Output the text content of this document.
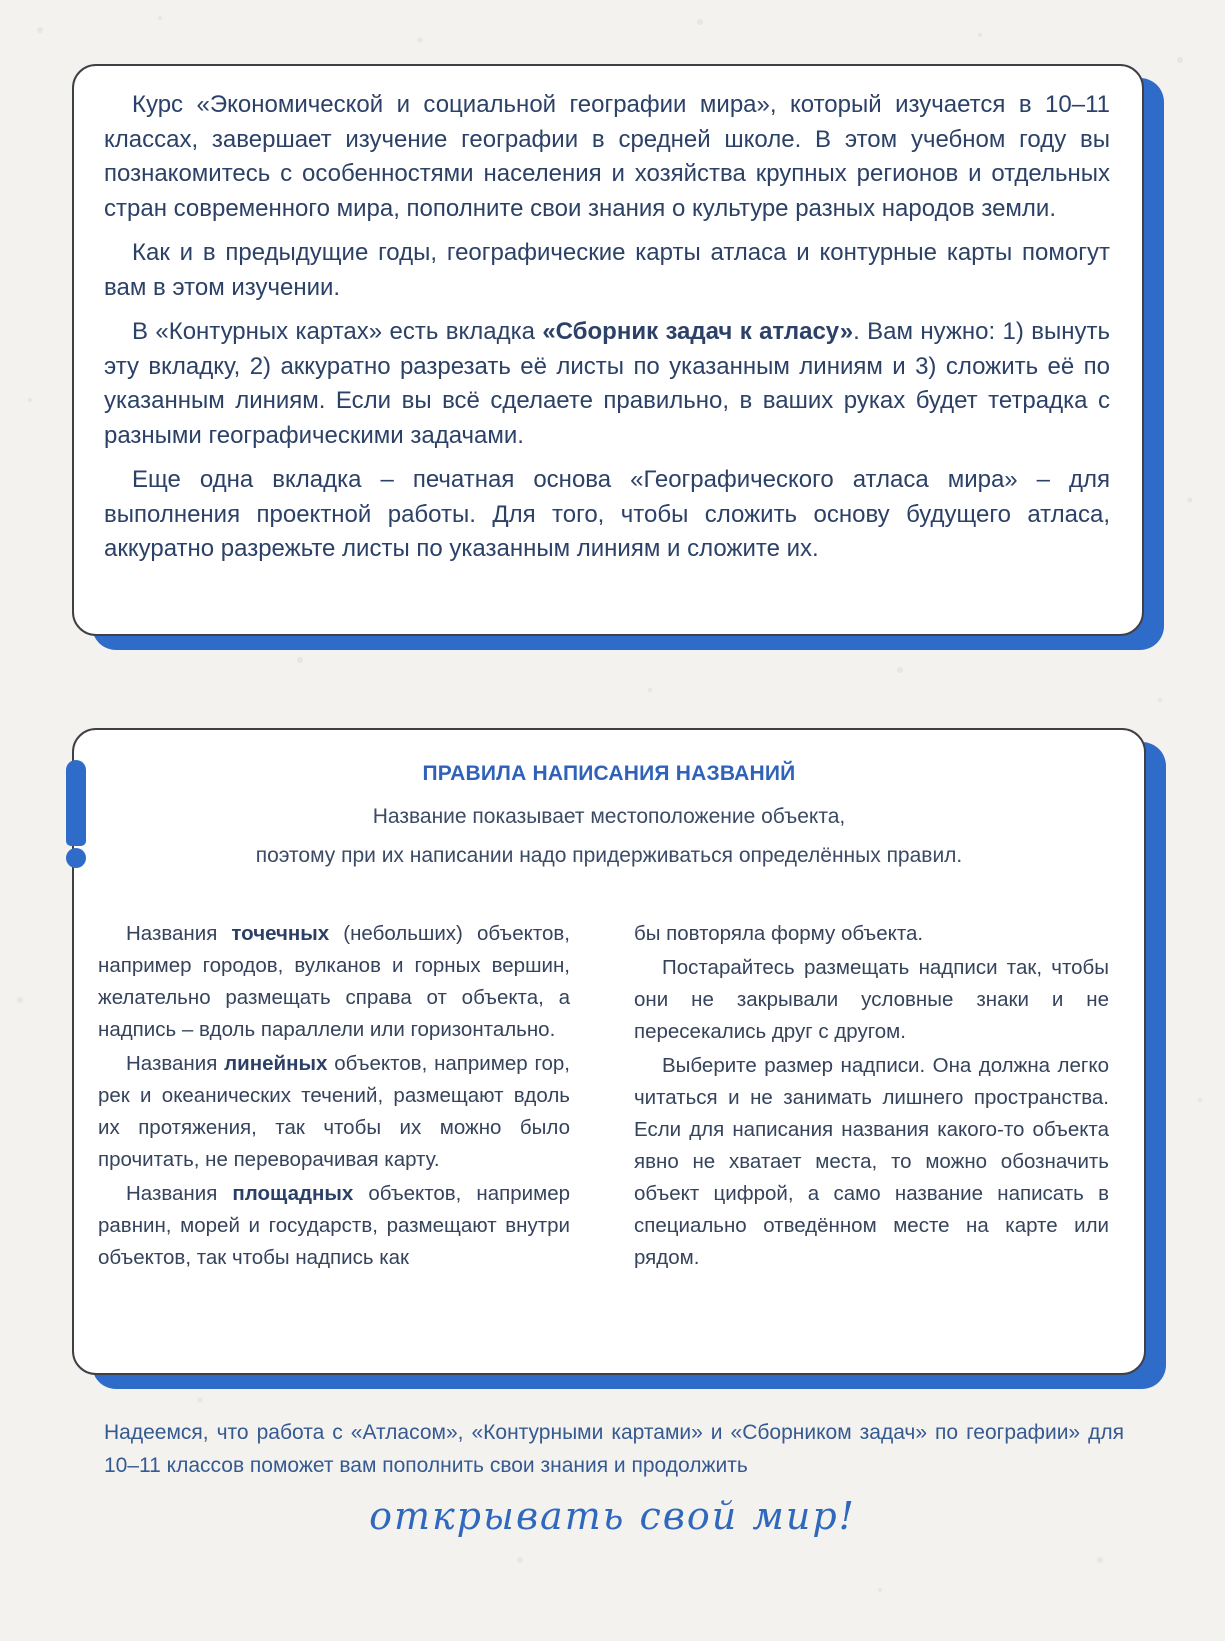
Курс «Экономической и социальной географии мира», который изучается в 10–11 классах, завершает изучение географии в средней школе. В этом учебном году вы познакомитесь с особенностями населения и хозяйства крупных регионов и отдельных стран современного мира, пополните свои знания о культуре разных народов земли.

Как и в предыдущие годы, географические карты атласа и контурные карты помогут вам в этом изучении.

В «Контурных картах» есть вкладка «Сборник задач к атласу». Вам нужно: 1) вынуть эту вкладку, 2) аккуратно разрезать её листы по указанным линиям и 3) сложить её по указанным линиям. Если вы всё сделаете правильно, в ваших руках будет тетрадка с разными географическими задачами.

Еще одна вкладка – печатная основа «Географического атласа мира» – для выполнения проектной работы. Для того, чтобы сложить основу будущего атласа, аккуратно разрежьте листы по указанным линиям и сложите их.

ПРАВИЛА НАПИСАНИЯ НАЗВАНИЙ
Название показывает местоположение объекта,
поэтому при их написании надо придерживаться определённых правил.

Названия точечных (небольших) объектов, например городов, вулканов и горных вершин, желательно размещать справа от объекта, а надпись – вдоль параллели или горизонтально.

Названия линейных объектов, например гор, рек и океанических течений, размещают вдоль их протяжения, так чтобы их можно было прочитать, не переворачивая карту.

Названия площадных объектов, например равнин, морей и государств, размещают внутри объектов, так чтобы надпись как

бы повторяла форму объекта.

Постарайтесь размещать надписи так, чтобы они не закрывали условные знаки и не пересекались друг с другом.

Выберите размер надписи. Она должна легко читаться и не занимать лишнего пространства. Если для написания названия какого-то объекта явно не хватает места, то можно обозначить объект цифрой, а само название написать в специально отведённом месте на карте или рядом.

Надеемся, что работа с «Атласом», «Контурными картами» и «Сборником задач» по географии» для 10–11 классов поможет вам пополнить свои знания и продолжить
открывать свой мир!
